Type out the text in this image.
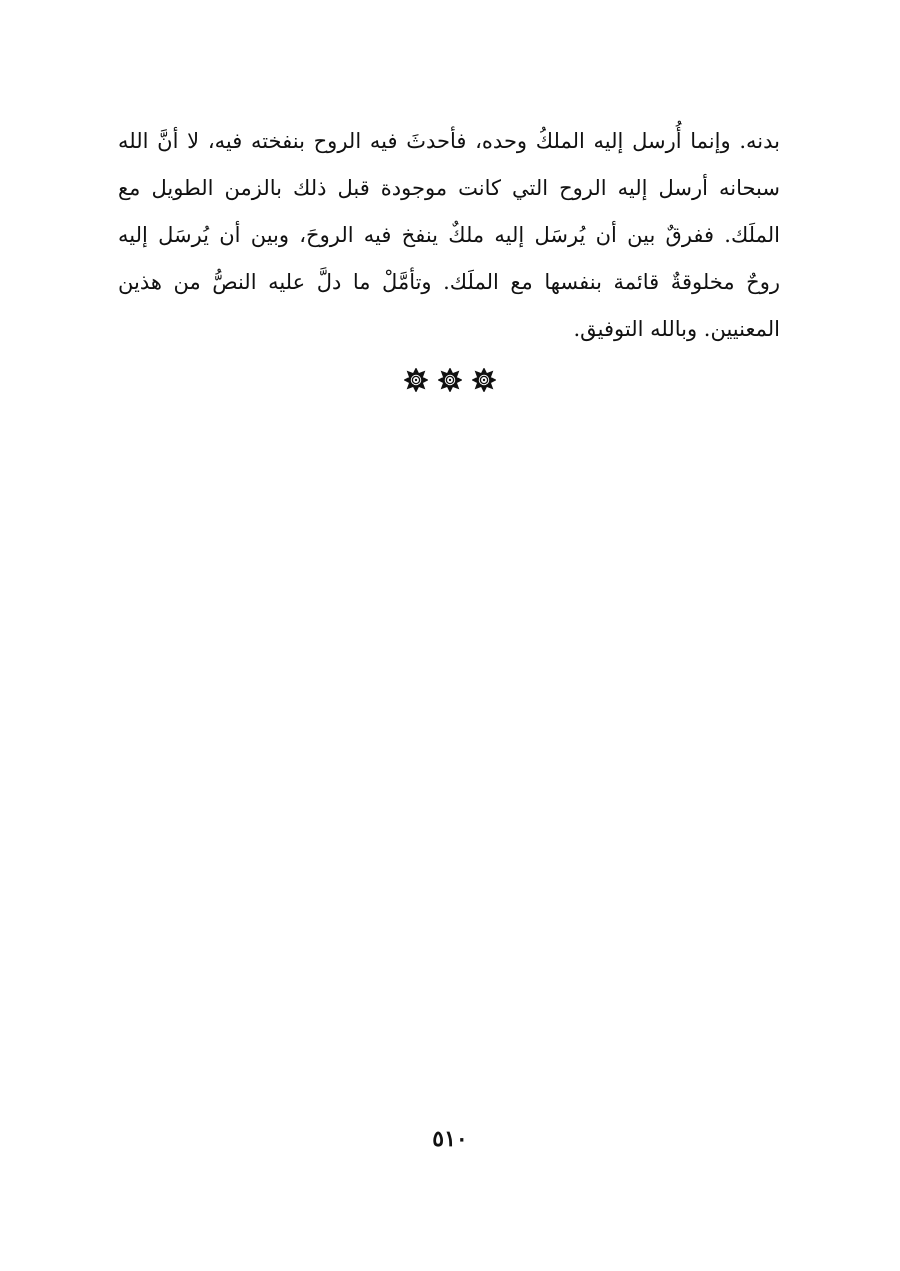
بدنه. وإنما أُرسل إليه الملكُ وحده، فأحدثَ فيه الروح بنفخته فيه، لا أنَّ الله
سبحانه أرسل إليه الروح التي كانت موجودة قبل ذلك بالزمن الطويل مع
الملَك. ففرقٌ بين أن يُرسَل إليه ملكٌ ينفخ فيه الروحَ، وبين أن يُرسَل إليه
روحٌ مخلوقةٌ قائمة بنفسها مع الملَك. وتأمَّلْ ما دلَّ عليه النصُّ من هذين
المعنيين. وبالله التوفيق.
٥١٠
